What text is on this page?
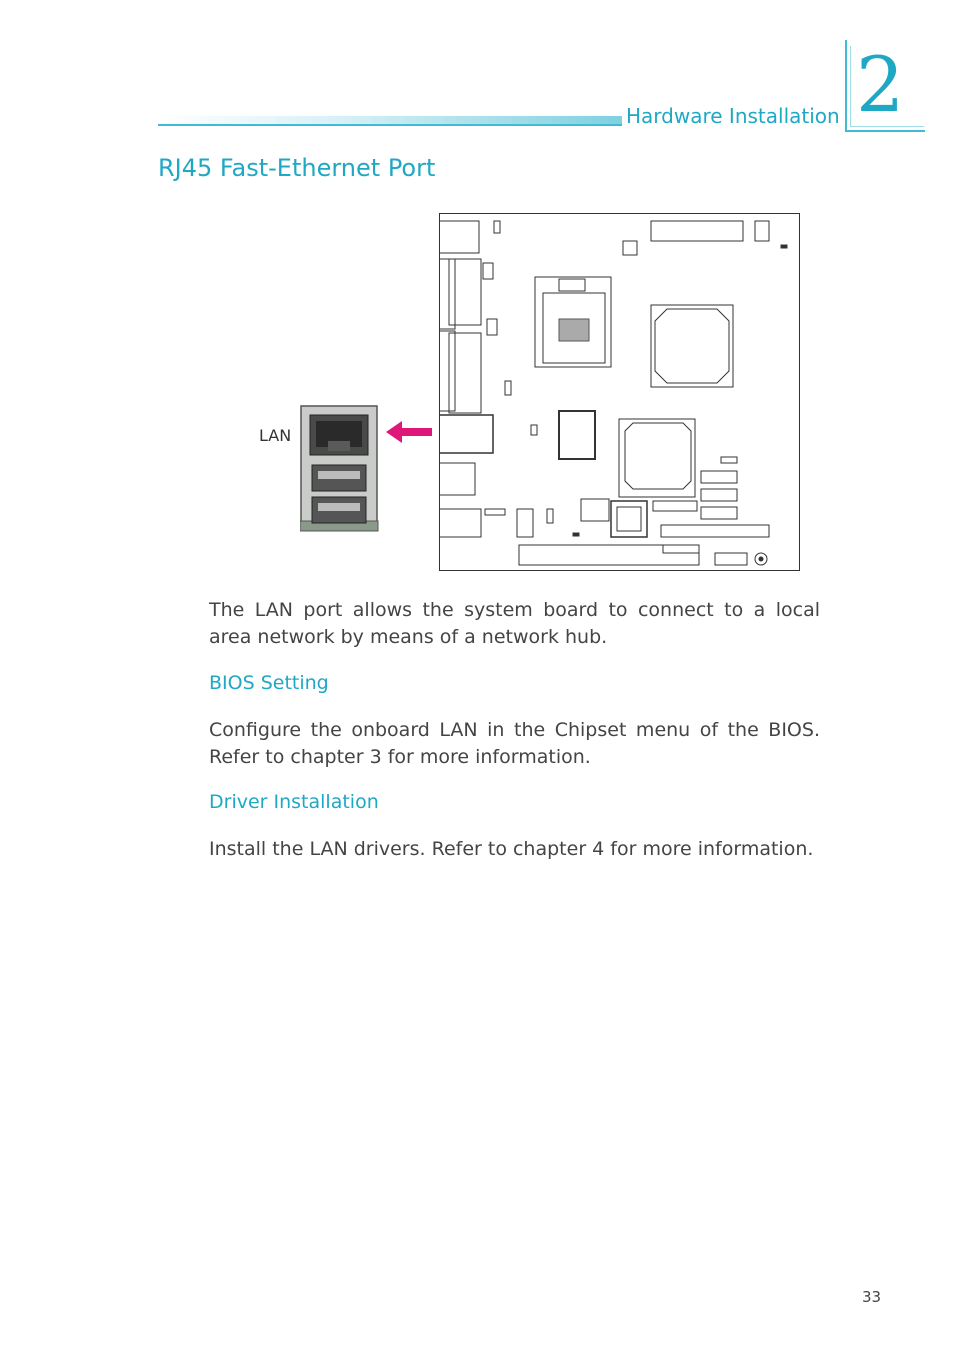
Hardware Installation 2
RJ45 Fast-Ethernet Port
LAN
The LAN port allows the system board to connect to a local area network by means of a network hub.
BIOS Setting
Configure the onboard LAN in the Chipset menu of the BIOS. Refer to chapter 3 for more information.
Driver Installation
Install the LAN drivers. Refer to chapter 4 for more information.
33
